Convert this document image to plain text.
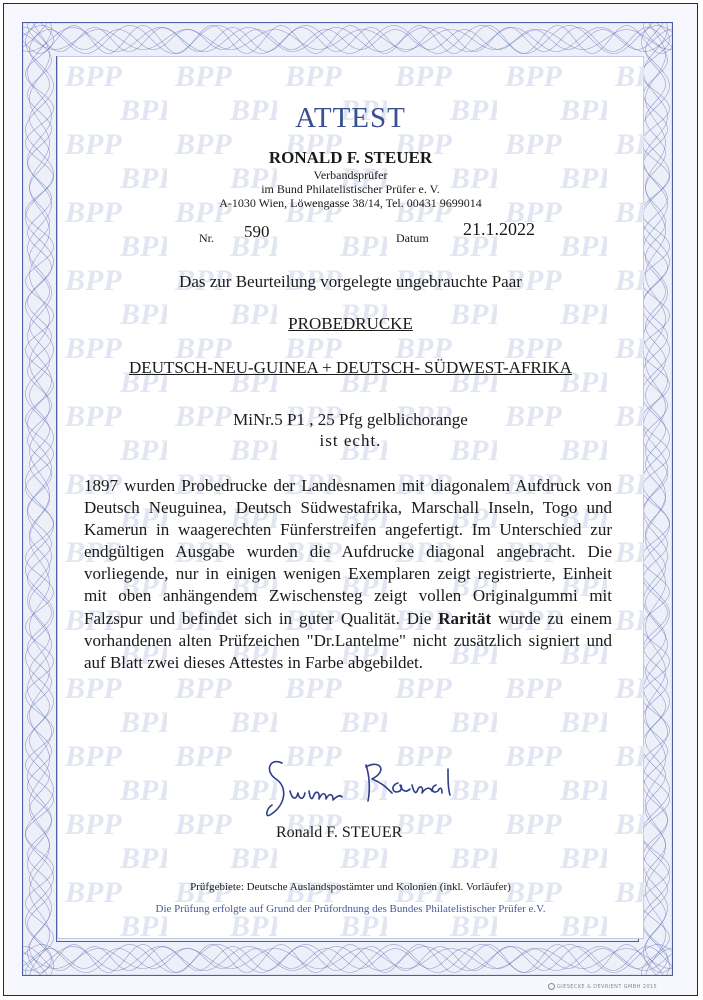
ATTEST
RONALD F. STEUER
Verbandsprüfer
im Bund Philatelistischer Prüfer e. V.
A-1030 Wien, Löwengasse 38/14, Tel. 00431 9699014
Nr. 590	Datum 21.1.2022
Das zur Beurteilung vorgelegte ungebrauchte Paar
PROBEDRUCKE
DEUTSCH-NEU-GUINEA + DEUTSCH- SÜDWEST-AFRIKA
MiNr.5 P1 , 25 Pfg gelblichorange
ist echt.
1897 wurden Probedrucke der Landesnamen mit diagonalem Aufdruck von Deutsch Neuguinea, Deutsch Südwestafrika, Marschall Inseln, Togo und Kamerun in waagerechten Fünferstreifen angefertigt. Im Unterschied zur endgültigen Ausgabe wurden die Aufdrucke diagonal angebracht. Die vorliegende, nur in einigen wenigen Exemplaren zeigt registrierte, Einheit mit oben anhängendem Zwischensteg zeigt vollen Originalgummi mit Falzspur und befindet sich in guter Qualität. Die Rarität wurde zu einem vorhandenen alten Prüfzeichen "Dr.Lantelme" nicht zusätzlich signiert und auf Blatt zwei dieses Attestes in Farbe abgebildet.
Ronald F. STEUER
Prüfgebiete: Deutsche Auslandspostämter und Kolonien (inkl. Vorläufer)
Die Prüfung erfolgte auf Grund der Prüfordnung des Bundes Philatelistischer Prüfer e.V.
GIESECKE & DEVRIENT GMBH 2015
